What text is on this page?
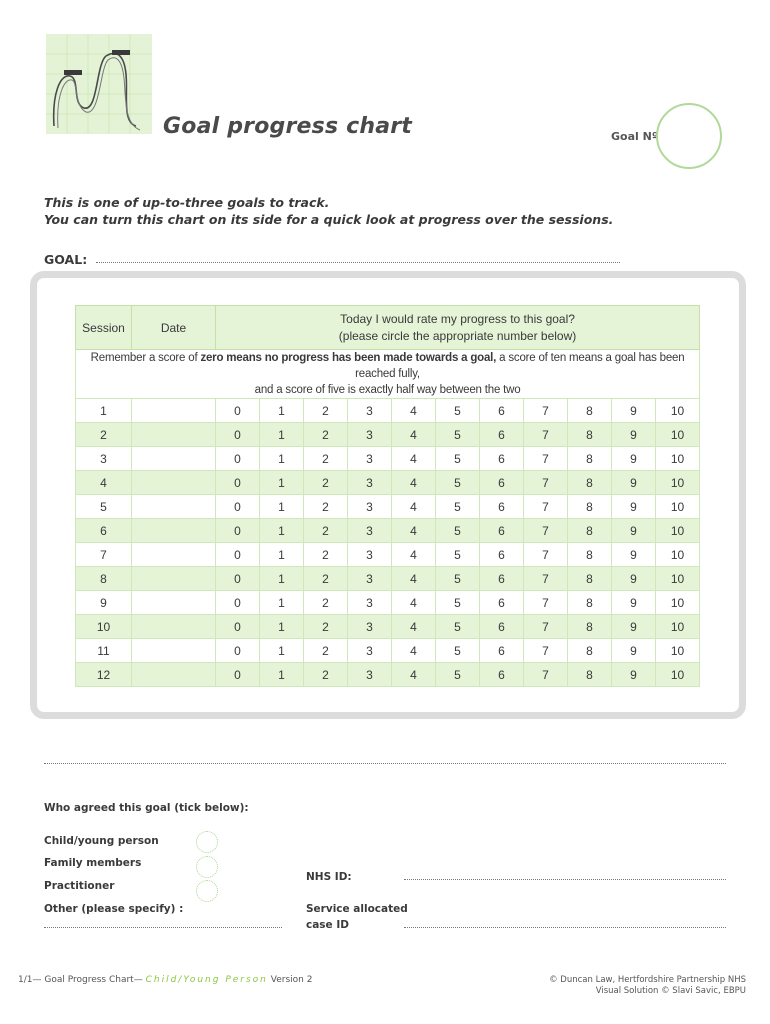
Goal progress chart	Goal Nº
This is one of up-to-three goals to track.
You can turn this chart on its side for a quick look at progress over the sessions.
GOAL:
Session	Date	Today I would rate my progress to this goal?
(please circle the appropriate number below)										
Remember a score of zero means no progress has been made towards a goal, a score of ten means a goal has been reached fully,
and a score of five is exactly half way between the two												
1		0	1	2	3	4	5	6	7	8	9	10
2		0	1	2	3	4	5	6	7	8	9	10
3		0	1	2	3	4	5	6	7	8	9	10
4		0	1	2	3	4	5	6	7	8	9	10
5		0	1	2	3	4	5	6	7	8	9	10
6		0	1	2	3	4	5	6	7	8	9	10
7		0	1	2	3	4	5	6	7	8	9	10
8		0	1	2	3	4	5	6	7	8	9	10
9		0	1	2	3	4	5	6	7	8	9	10
10		0	1	2	3	4	5	6	7	8	9	10
11		0	1	2	3	4	5	6	7	8	9	10
12		0	1	2	3	4	5	6	7	8	9	10
Who agreed this goal (tick below):
Child/young person
Family members
Practitioner
Other (please specify) :
NHS ID:
Service allocated
case ID
1/1— Goal Progress Chart— Child/Young Person Version 2	© Duncan Law, Hertfordshire Partnership NHS
Visual Solution © Slavi Savic, EBPU
